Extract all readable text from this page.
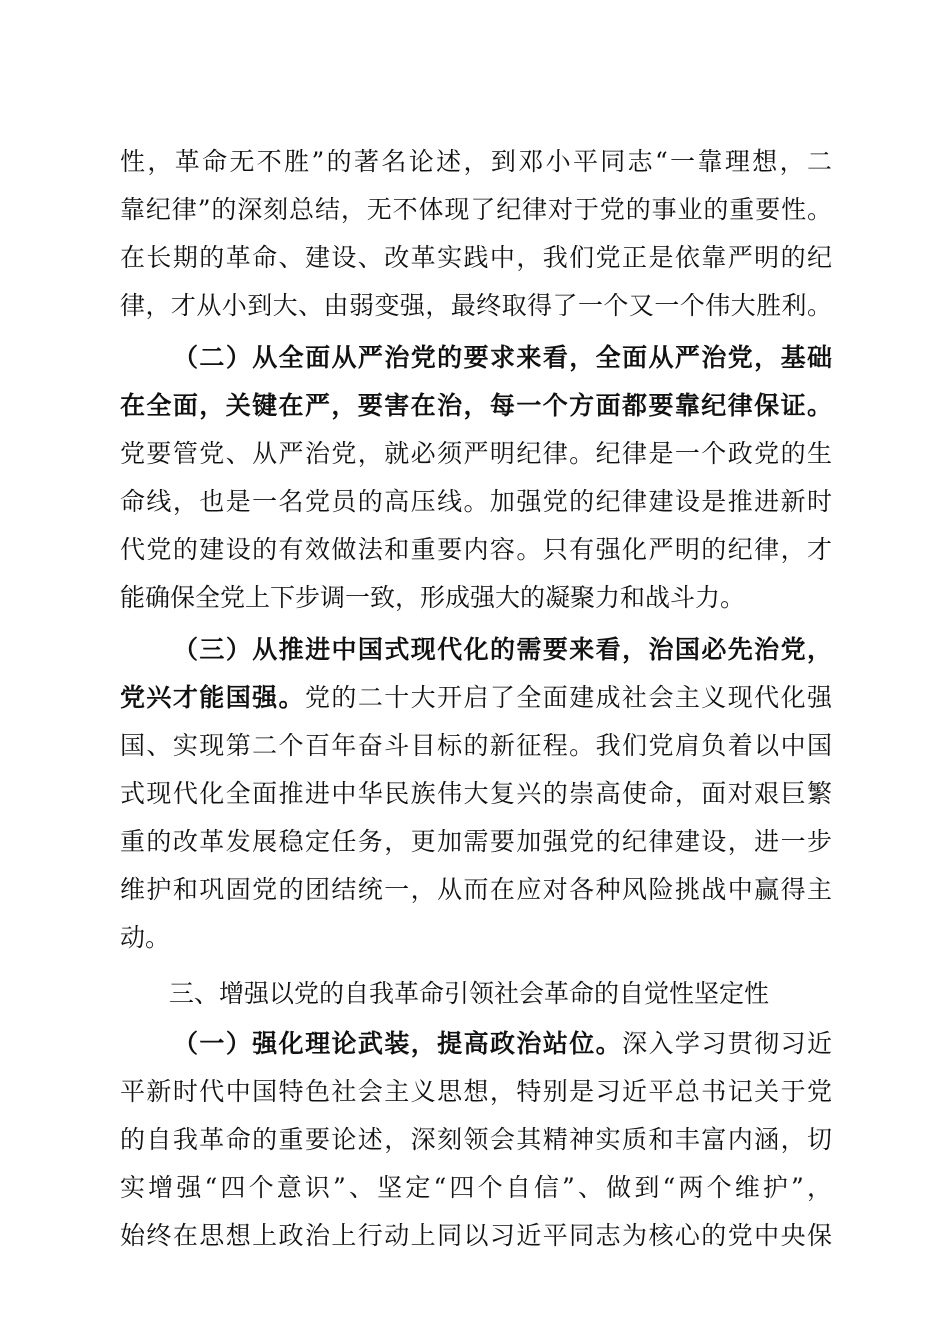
性，革命无不胜”的著名论述，到邓小平同志“一靠理想，二
靠纪律”的深刻总结，无不体现了纪律对于党的事业的重要性。
在长期的革命、建设、改革实践中，我们党正是依靠严明的纪
律，才从小到大、由弱变强，最终取得了一个又一个伟大胜利。
（二）从全面从严治党的要求来看，全面从严治党，基础
在全面，关键在严，要害在治，每一个方面都要靠纪律保证。
党要管党、从严治党，就必须严明纪律。纪律是一个政党的生
命线，也是一名党员的高压线。加强党的纪律建设是推进新时
代党的建设的有效做法和重要内容。只有强化严明的纪律，才
能确保全党上下步调一致，形成强大的凝聚力和战斗力。
（三）从推进中国式现代化的需要来看，治国必先治党，
党兴才能国强。党的二十大开启了全面建成社会主义现代化强
国、实现第二个百年奋斗目标的新征程。我们党肩负着以中国
式现代化全面推进中华民族伟大复兴的崇高使命，面对艰巨繁
重的改革发展稳定任务，更加需要加强党的纪律建设，进一步
维护和巩固党的团结统一，从而在应对各种风险挑战中赢得主
动。
三、增强以党的自我革命引领社会革命的自觉性坚定性
（一）强化理论武装，提高政治站位。深入学习贯彻习近
平新时代中国特色社会主义思想，特别是习近平总书记关于党
的自我革命的重要论述，深刻领会其精神实质和丰富内涵，切
实增强“四个意识”、坚定“四个自信”、做到“两个维护”，
始终在思想上政治上行动上同以习近平同志为核心的党中央保
